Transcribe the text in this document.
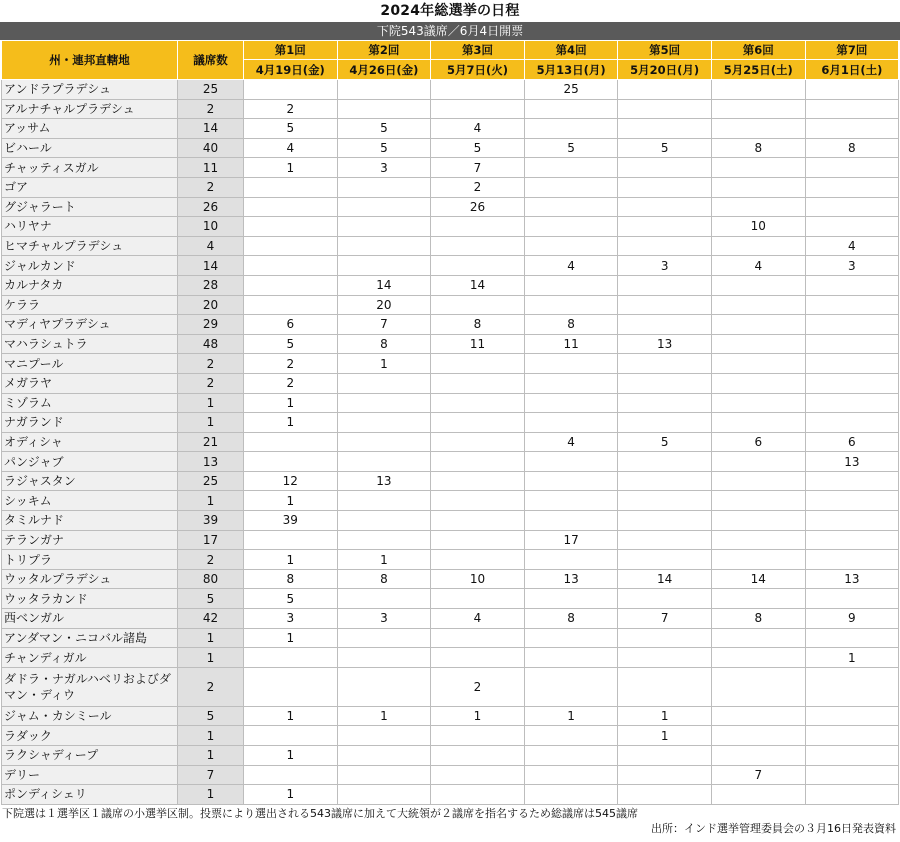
2024年総選挙の日程
下院543議席／6月4日開票
州・連邦直轄地	議席数	第1回	第2回	第3回	第4回	第5回	第6回	第7回
		4月19日(金)	4月26日(金)	5月7日(火)	5月13日(月)	5月20日(月)	5月25日(土)	6月1日(土)
アンドラプラデシュ	25				25			
アルナチャルプラデシュ	2	2						
アッサム	14	5	5	4				
ビハール	40	4	5	5	5	5	8	8
チャッティスガル	11	1	3	7				
ゴア	2			2				
グジャラート	26			26				
ハリヤナ	10						10	
ヒマチャルプラデシュ	4							4
ジャルカンド	14				4	3	4	3
カルナタカ	28		14	14				
ケララ	20		20					
マディヤプラデシュ	29	6	7	8	8			
マハラシュトラ	48	5	8	11	11	13		
マニプール	2	2	1					
メガラヤ	2	2						
ミゾラム	1	1						
ナガランド	1	1						
オディシャ	21				4	5	6	6
パンジャブ	13							13
ラジャスタン	25	12	13					
シッキム	1	1						
タミルナド	39	39						
テランガナ	17				17			
トリプラ	2	1	1					
ウッタルプラデシュ	80	8	8	10	13	14	14	13
ウッタラカンド	5	5						
西ベンガル	42	3	3	4	8	7	8	9
アンダマン・ニコバル諸島	1	1						
チャンディガル	1							1
ダドラ・ナガルハベリおよびダマン・ディウ	2			2				
ジャム・カシミール	5	1	1	1	1	1		
ラダック	1					1		
ラクシャディープ	1	1						
デリー	7						7	
ポンディシェリ	1	1						
下院選は１選挙区１議席の小選挙区制。投票により選出される543議席に加えて大統領が２議席を指名するため総議席は545議席
出所：インド選挙管理委員会の３月16日発表資料
